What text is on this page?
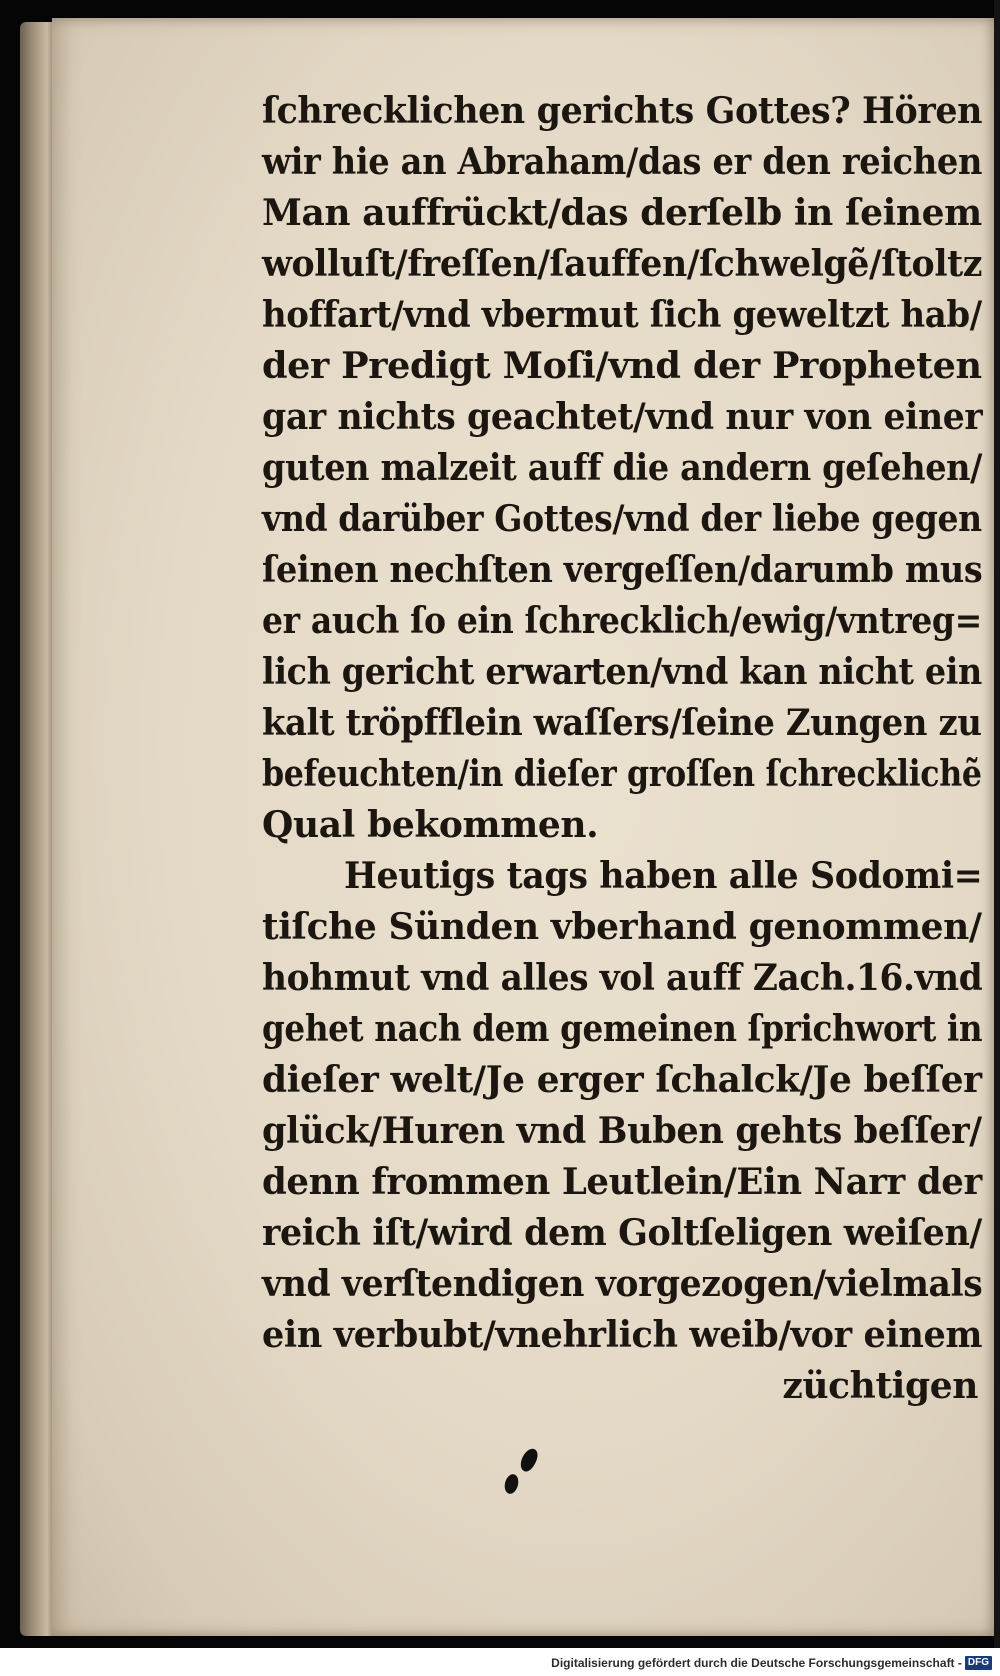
ſchrecklichen gerichts Gottes? Hören
wir hie an Abraham/das er den reichen
Man auffrückt/das derſelb in ſeinem
wolluſt/freſſen/ſauffen/ſchwelgẽ/ſtoltz
hoffart/vnd vbermut ſich geweltzt hab/
der Predigt Moſi/vnd der Propheten
gar nichts geachtet/vnd nur von einer
guten malzeit auff die andern geſehen/
vnd darüber Gottes/vnd der liebe gegen
ſeinen nechſten vergeſſen/darumb mus
er auch ſo ein ſchrecklich/ewig/vntreg=
lich gericht erwarten/vnd kan nicht ein
kalt tröpfflein waſſers/ſeine Zungen zu
befeuchten/in dieſer groſſen ſchrecklichẽ
Qual bekommen.
Heutigs tags haben alle Sodomi=
tiſche Sünden vberhand genommen/
hohmut vnd alles vol auff Zach.16.vnd
gehet nach dem gemeinen ſprichwort in
dieſer welt/Je erger ſchalck/Je beſſer
glück/Huren vnd Buben gehts beſſer/
denn frommen Leutlein/Ein Narr der
reich iſt/wird dem Goltſeligen weiſen/
vnd verſtendigen vorgezogen/vielmals
ein verbubt/vnehrlich weib/vor einem
züchtigen
Digitalisierung gefördert durch die Deutsche Forschungsgemeinschaft - DFG
